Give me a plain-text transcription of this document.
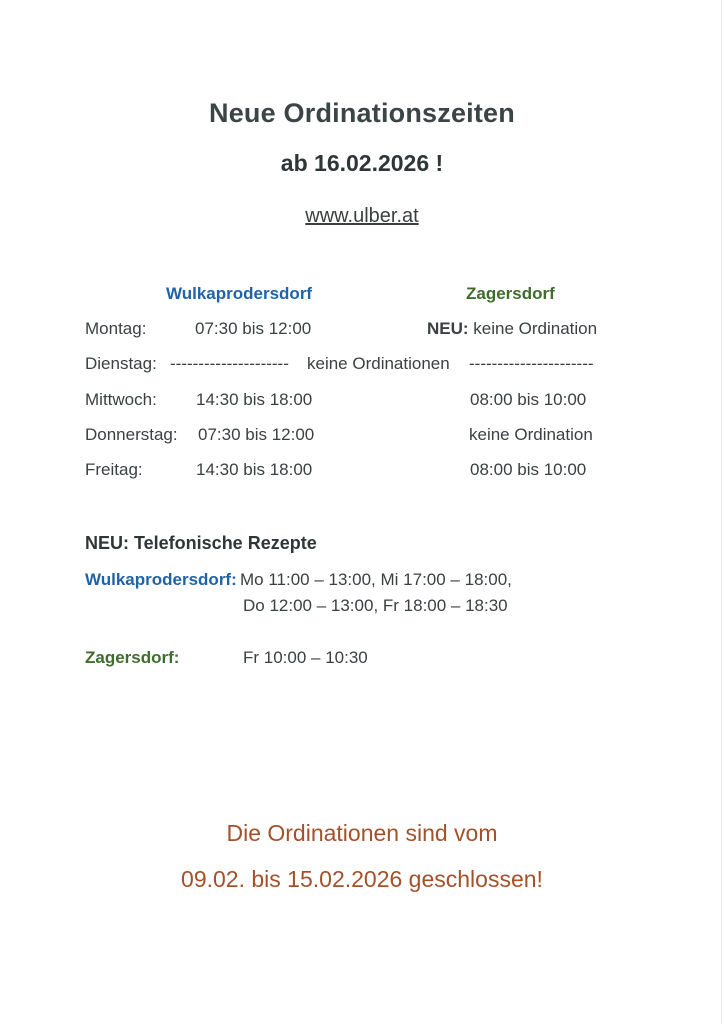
Neue Ordinationszeiten
ab 16.02.2026 !
www.ulber.at
Wulkaprodersdorf	Zagersdorf
Montag:	07:30 bis 12:00	NEU: keine Ordination
Dienstag: --------------------- keine Ordinationen ----------------------
Mittwoch: 14:30 bis 18:00	08:00 bis 10:00
Donnerstag: 07:30 bis 12:00	keine Ordination
Freitag:	14:30 bis 18:00	08:00 bis 10:00
NEU: Telefonische Rezepte
Wulkaprodersdorf: Mo 11:00 – 13:00, Mi 17:00 – 18:00,
Do 12:00 – 13:00, Fr 18:00 – 18:30
Zagersdorf:	Fr 10:00 – 10:30
Die Ordinationen sind vom
09.02. bis 15.02.2026 geschlossen!
